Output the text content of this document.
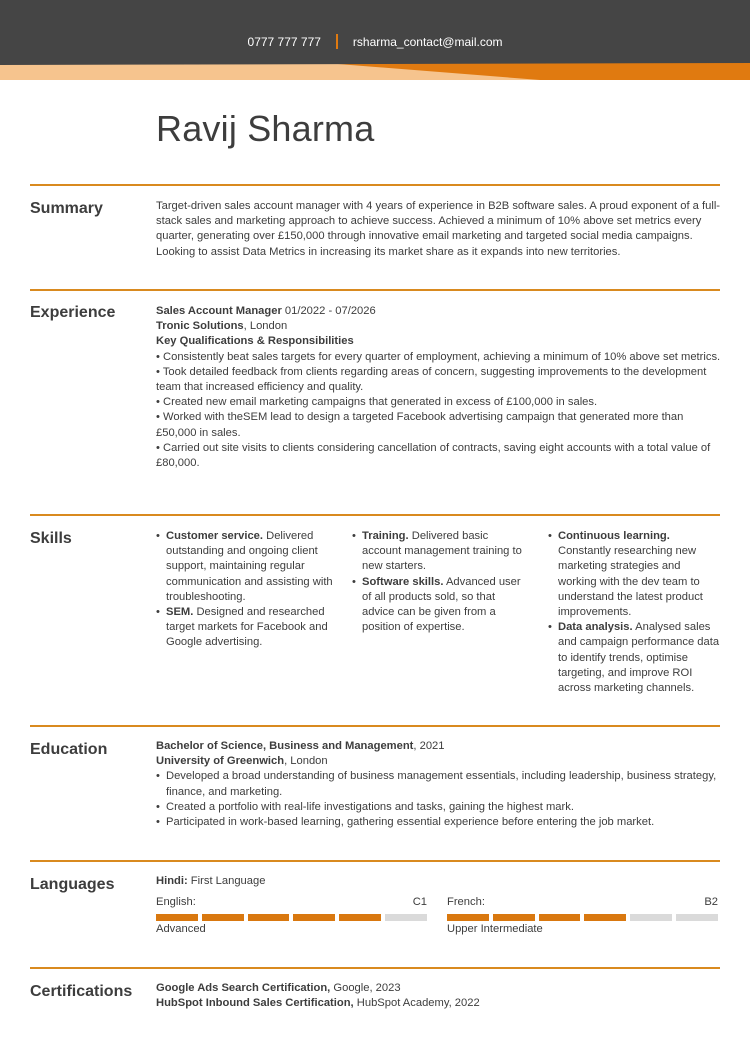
0777 777 777	rsharma_contact@mail.com
Ravij Sharma
Summary	Target-driven sales account manager with 4 years of experience in B2B software sales. A proud exponent of a full-stack sales and marketing approach to achieve success. Achieved a minimum of 10% above set metrics every quarter, generating over £150,000 through innovative email marketing and targeted social media campaigns. Looking to assist Data Metrics in increasing its market share as it expands into new territories.
Experience	Sales Account Manager 01/2022 - 07/2026
Tronic Solutions, London
Key Qualifications & Responsibilities
• Consistently beat sales targets for every quarter of employment, achieving a minimum of 10% above set metrics.
• Took detailed feedback from clients regarding areas of concern, suggesting improvements to the development team that increased efficiency and quality.
• Created new email marketing campaigns that generated in excess of £100,000 in sales.
• Worked with theSEM lead to design a targeted Facebook advertising campaign that generated more than £50,000 in sales.
• Carried out site visits to clients considering cancellation of contracts, saving eight accounts with a total value of £80,000.
Skills
•	Customer service. Delivered outstanding and ongoing client support, maintaining regular communication and assisting with troubleshooting.
• SEM. Designed and researched target markets for Facebook and Google advertising.
• Training. Delivered basic account management training to new starters.
• Software skills. Advanced user of all products sold, so that advice can be given from a position of expertise.
• Continuous learning. Constantly researching new marketing strategies and working with the dev team to understand the latest product improvements.
• Data analysis. Analysed sales and campaign performance data to identify trends, optimise targeting, and improve ROI across marketing channels.
Education	Bachelor of Science, Business and Management, 2021
University of Greenwich, London
• Developed a broad understanding of business management essentials, including leadership, business strategy, finance, and marketing.
• Created a portfolio with real-life investigations and tasks, gaining the highest mark.
• Participated in work-based learning, gathering essential experience before entering the job market.
Languages	Hindi: First Language
English:	C1
Advanced
French:	B2
Upper Intermediate
Certifications Google Ads Search Certification, Google, 2023
HubSpot Inbound Sales Certification, HubSpot Academy, 2022
